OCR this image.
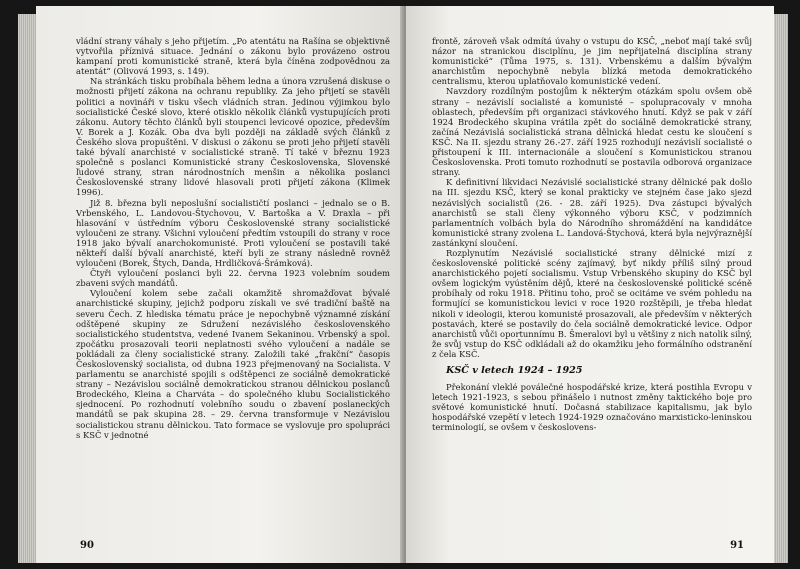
vládní strany váhaly s jeho přijetím. „Po atentátu na Rašína se objektivně vytvořila příznivá situace. Jednání o zákonu bylo provázeno ostrou kampaní proti komunistické straně, která byla číněna zodpovědnou za atentát“ (Olivová 1993, s. 149).

Na stránkách tisku probíhala během ledna a února vzrušená diskuse o možnosti přijetí zákona na ochranu republiky. Za jeho přijetí se stavěli politici a novináři v tisku všech vládních stran. Jedinou výjimkou bylo socialistické České slovo, které otisklo několik článků vystupujících proti zákonu. Autory těchto článků byli stoupenci levicové opozice, především V. Borek a J. Kozák. Oba dva byli později na základě svých článků z Českého slova propuštěni. V diskusi o zákonu se proti jeho přijetí stavěli také bývalí anarchisté v socialistické straně. Tí také v březnu 1923 společně s poslanci Komunistické strany Československa, Slovenské ľudové strany, stran národnostních menšin a několika poslanci Československé strany lidové hlasovali proti přijetí zákona (Klimek 1996).

Již 8. března byli neposlušní socialističtí poslanci – jednalo se o B. Vrbenského, L. Landovou-Štychovou, V. Bartoška a V. Draxla – při hlasování v ústředním výboru Československé strany socialistické vyloučeni ze strany. Všichni vyloučení předtím vstoupili do strany v roce 1918 jako bývalí anarchokomunisté. Proti vyloučení se postavili také někteří další bývalí anarchisté, kteří byli ze strany následně rovněž vyloučeni (Borek, Štych, Danda, Hrdličková-Šrámková).

Čtyři vyloučení poslanci byli 22. června 1923 volebním soudem zbaveni svých mandátů.

Vyloučení kolem sebe začali okamžitě shromažďovat bývalé anarchistické skupiny, jejichž podporu získali ve své tradiční baště na severu Čech. Z hlediska tématu práce je nepochybně významné získání odštěpené skupiny ze Sdružení nezávislého československého socialistického studentstva, vedené Ivanem Sekaninou. Vrbenský a spol. zpočátku prosazovali teorii neplatnosti svého vyloučení a nadále se pokládali za členy socialistické strany. Založili také „frakční“ časopis Československý socialista, od dubna 1923 přejmenovaný na Socialista. V parlamentu se anarchisté spojili s odštěpenci ze sociálně demokratické strany – Nezávislou sociálně demokratickou stranou dělnickou poslanců Brodeckého, Kleina a Charváta – do společného klubu Socialistického sjednocení. Po rozhodnutí volebního soudu o zbavení poslaneckých mandátů se pak skupina 28. – 29. června transformuje v Nezávislou socialistickou stranu dělnickou. Tato formace se vyslovuje pro spolupráci s KSČ v jednotné

90

frontě, zároveň však odmítá úvahy o vstupu do KSČ, „neboť mají také svůj názor na stranickou disciplínu, je jim nepřijatelná disciplína strany komunistické“ (Tůma 1975, s. 131). Vrbenskému a dalším bývalým anarchistům nepochybně nebyla blízká metoda demokratického centralismu, kterou uplatňovalo komunistické vedení.

Navzdory rozdílným postojům k některým otázkám spolu ovšem obě strany – nezávislí socialisté a komunisté – spolupracovaly v mnoha oblastech, především při organizaci stávkového hnutí. Když se pak v září 1924 Brodeckého skupina vrátila zpět do sociálně demokratické strany, začíná Nezávislá socialistická strana dělnická hledat cestu ke sloučení s KSČ. Na II. sjezdu strany 26.-27. září 1925 rozhodují nezávislí socialisté o přistoupení k III. internacionále a sloučení s Komunistickou stranou Československa. Proti tomuto rozhodnutí se postavila odborová organizace strany.

K definitivní likvidaci Nezávislé socialistické strany dělnické pak došlo na III. sjezdu KSČ, který se konal prakticky ve stejném čase jako sjezd nezávislých socialistů (26. - 28. září 1925). Dva zástupci bývalých anarchistů se stali členy výkonného výboru KSČ, v podzimních parlamentních volbách byla do Národního shromáždění na kandidátce komunistické strany zvolena L. Landová-Štychová, která byla nejvýraznější zastánkyní sloučení.

Rozplynutím Nezávislé socialistické strany dělnické mizí z československé politické scény zajímavý, byť nikdy příliš silný proud anarchistického pojetí socialismu. Vstup Vrbenského skupiny do KSČ byl ovšem logickým vyústěním dějů, které na československé politické scéně probíhaly od roku 1918. Přitinu toho, proč se ocitáme ve svém pohledu na formující se komunistickou levici v roce 1920 rozštěpili, je třeba hledat nikoli v ideologii, kterou komunisté prosazovali, ale především v některých postavách, které se postavily do čela sociálně demokratické levice. Odpor anarchistů vůči oportunnímu B. Šmeralovi byl u většiny z nich natolik silný, že svůj vstup do KSČ odkládali až do okamžiku jeho formálního odstranění z čela KSČ.

KSČ v letech 1924 – 1925

Překonání vleklé poválečné hospodářské krize, která postihla Evropu v letech 1921-1923, s sebou přinášelo i nutnost změny taktického boje pro světové komunistické hnutí. Dočasná stabilizace kapitalismu, jak bylo hospodářské vzepětí v letech 1924-1929 označováno marxisticko-leninskou terminologií, se ovšem v českoslovens-

91
